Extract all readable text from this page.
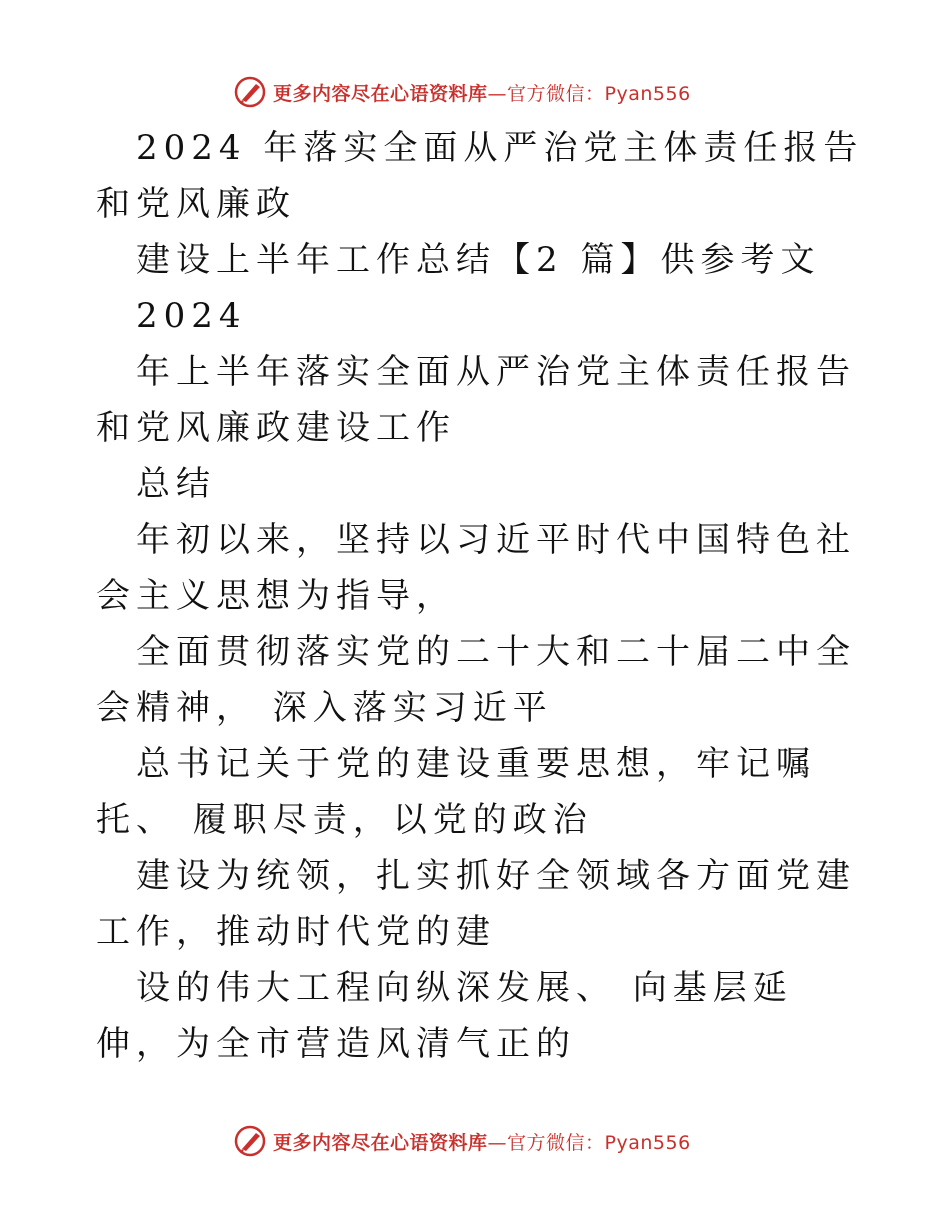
更多内容尽在心语资料库 —官方微信：Pyan556

2024 年落实全面从严治党主体责任报告和党风廉政

建设上半年工作总结【2 篇】供参考文

2024

年上半年落实全面从严治党主体责任报告和党风廉政建设工作

总结

年初以来，坚持以习近平时代中国特色社会主义思想为指导，

全面贯彻落实党的二十大和二十届二中全会精神， 深入落实习近平

总书记关于党的建设重要思想，牢记嘱托、 履职尽责，以党的政治

建设为统领，扎实抓好全领域各方面党建工作，推动时代党的建

设的伟大工程向纵深发展、 向基层延伸，为全市营造风清气正的

更多内容尽在心语资料库 —官方微信：Pyan556
